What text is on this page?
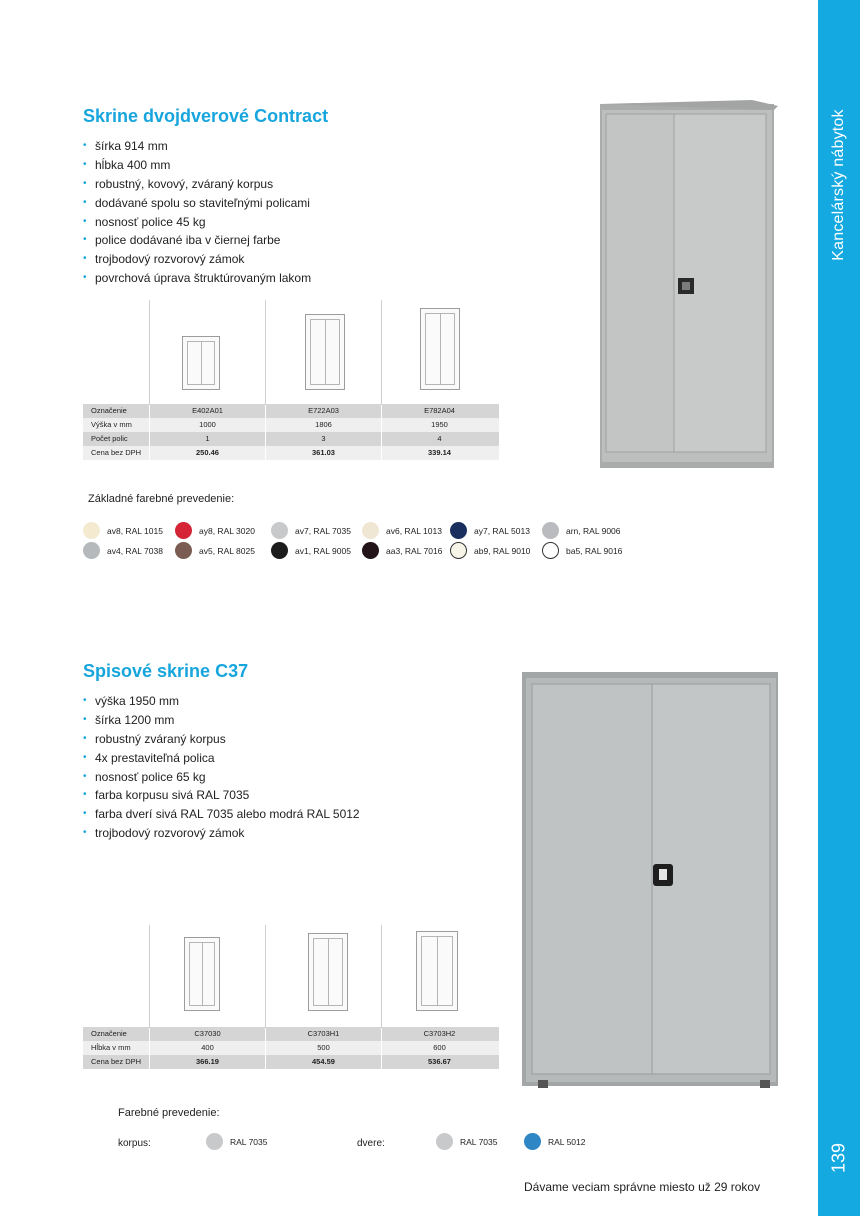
Kancelárský nábytok
139
Skrine dvojdverové Contract
• šírka 914 mm
• hĺbka 400 mm
• robustný, kovový, zváraný korpus
• dodávané spolu so staviteľnými policami
• nosnosť police 45 kg
• police dodávané iba v čiernej farbe
• trojbodový rozvorový zámok
• povrchová úprava štruktúrovaným lakom
Označenie	E402A01	E722A03	E782A04
Výška v mm	1000	1806	1950
Počet polic	1	3	4
Cena bez DPH	250.46	361.03	339.14
Základné farebné prevedenie:
av8, RAL 1015	ay8, RAL 3020	av7, RAL 7035	av6, RAL 1013	ay7, RAL 5013	arn, RAL 9006
av4, RAL 7038	av5, RAL 8025	av1, RAL 9005	aa3, RAL 7016	ab9, RAL 9010	ba5, RAL 9016
Spisové skrine C37
• výška 1950 mm
• šírka 1200 mm
• robustný zváraný korpus
• 4x prestaviteľná polica
• nosnosť police 65 kg
• farba korpusu sivá RAL 7035
• farba dverí sivá RAL 7035 alebo modrá RAL 5012
• trojbodový rozvorový zámok
Označenie	C37030	C3703H1	C3703H2
Hĺbka v mm	400	500	600
Cena bez DPH	366.19	454.59	536.67
Farebné prevedenie:
korpus:	RAL 7035	dvere:	RAL 7035	RAL 5012
Dávame veciam správne miesto už 29 rokov
